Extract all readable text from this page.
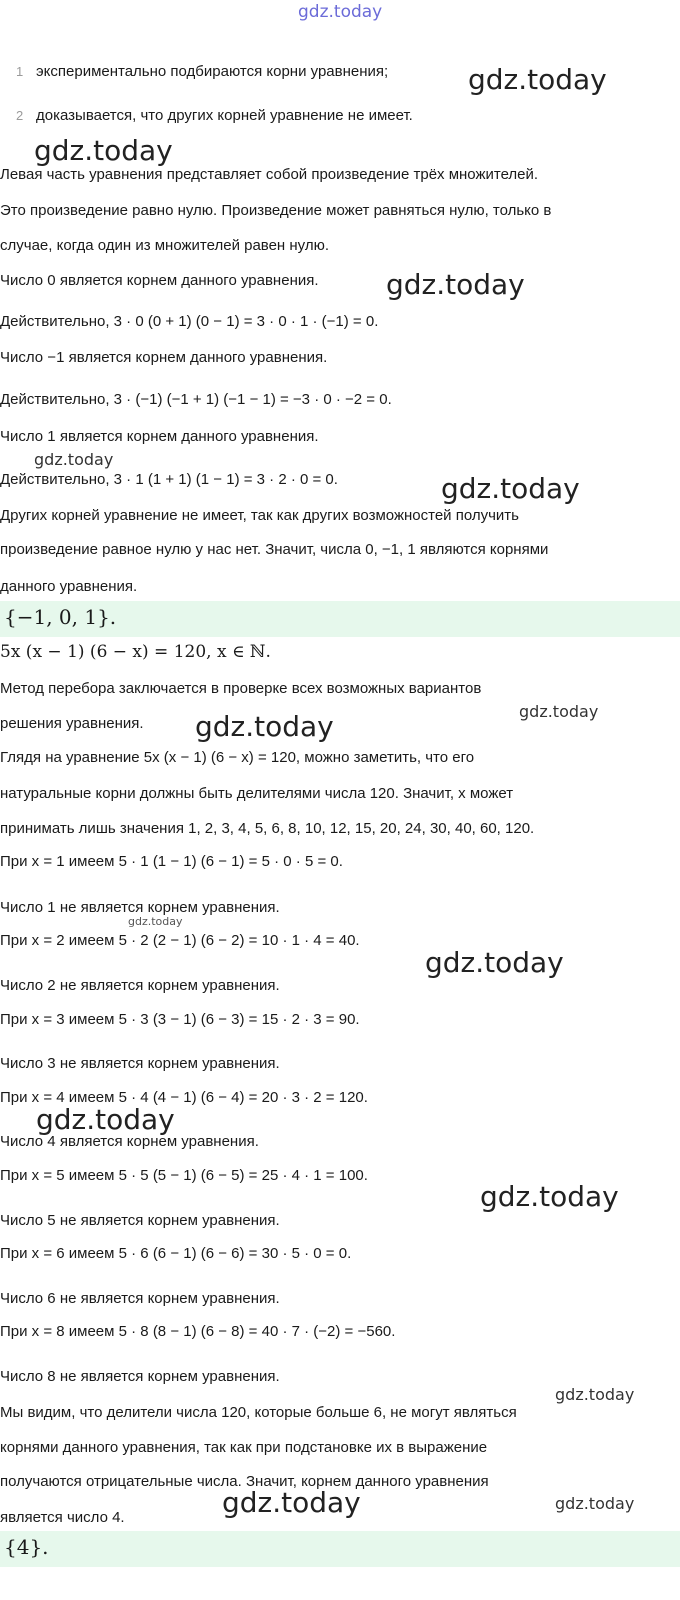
gdz.today
1 экспериментально подбираются корни уравнения;
2 доказывается, что других корней уравнение не имеет.
Левая часть уравнения представляет собой произведение трёх множителей.
Это произведение равно нулю. Произведение может равняться нулю, только в
случае, когда один из множителей равен нулю.
Число 0 является корнем данного уравнения.
Действительно, 3 · 0 (0 + 1) (0 − 1) = 3 · 0 · 1 · (−1) = 0.
Число −1 является корнем данного уравнения.
Действительно, 3 · (−1) (−1 + 1) (−1 − 1) = −3 · 0 · −2 = 0.
Число 1 является корнем данного уравнения.
Действительно, 3 · 1 (1 + 1) (1 − 1) = 3 · 2 · 0 = 0.
Других корней уравнение не имеет, так как других возможностей получить
произведение равное нулю у нас нет. Значит, числа 0, −1, 1 являются корнями
данного уравнения.
{−1, 0, 1}.
5x (x − 1) (6 − x) = 120, x ∈ ℕ.
Метод перебора заключается в проверке всех возможных вариантов
решения уравнения.
Глядя на уравнение 5x (x − 1) (6 − x) = 120, можно заметить, что его
натуральные корни должны быть делителями числа 120. Значит, x может
принимать лишь значения 1, 2, 3, 4, 5, 6, 8, 10, 12, 15, 20, 24, 30, 40, 60, 120.
При x = 1 имеем 5 · 1 (1 − 1) (6 − 1) = 5 · 0 · 5 = 0.
Число 1 не является корнем уравнения.
При x = 2 имеем 5 · 2 (2 − 1) (6 − 2) = 10 · 1 · 4 = 40.
Число 2 не является корнем уравнения.
При x = 3 имеем 5 · 3 (3 − 1) (6 − 3) = 15 · 2 · 3 = 90.
Число 3 не является корнем уравнения.
При x = 4 имеем 5 · 4 (4 − 1) (6 − 4) = 20 · 3 · 2 = 120.
Число 4 является корнем уравнения.
При x = 5 имеем 5 · 5 (5 − 1) (6 − 5) = 25 · 4 · 1 = 100.
Число 5 не является корнем уравнения.
При x = 6 имеем 5 · 6 (6 − 1) (6 − 6) = 30 · 5 · 0 = 0.
Число 6 не является корнем уравнения.
При x = 8 имеем 5 · 8 (8 − 1) (6 − 8) = 40 · 7 · (−2) = −560.
Число 8 не является корнем уравнения.
Мы видим, что делители числа 120, которые больше 6, не могут являться
корнями данного уравнения, так как при подстановке их в выражение
получаются отрицательные числа. Значит, корнем данного уравнения
является число 4.
{4}.
gdz.today
gdz.today
gdz.today
gdz.today
gdz.today
gdz.today
gdz.today
gdz.today
gdz.today
gdz.today
gdz.today
gdz.today
gdz.today	gdz.today
